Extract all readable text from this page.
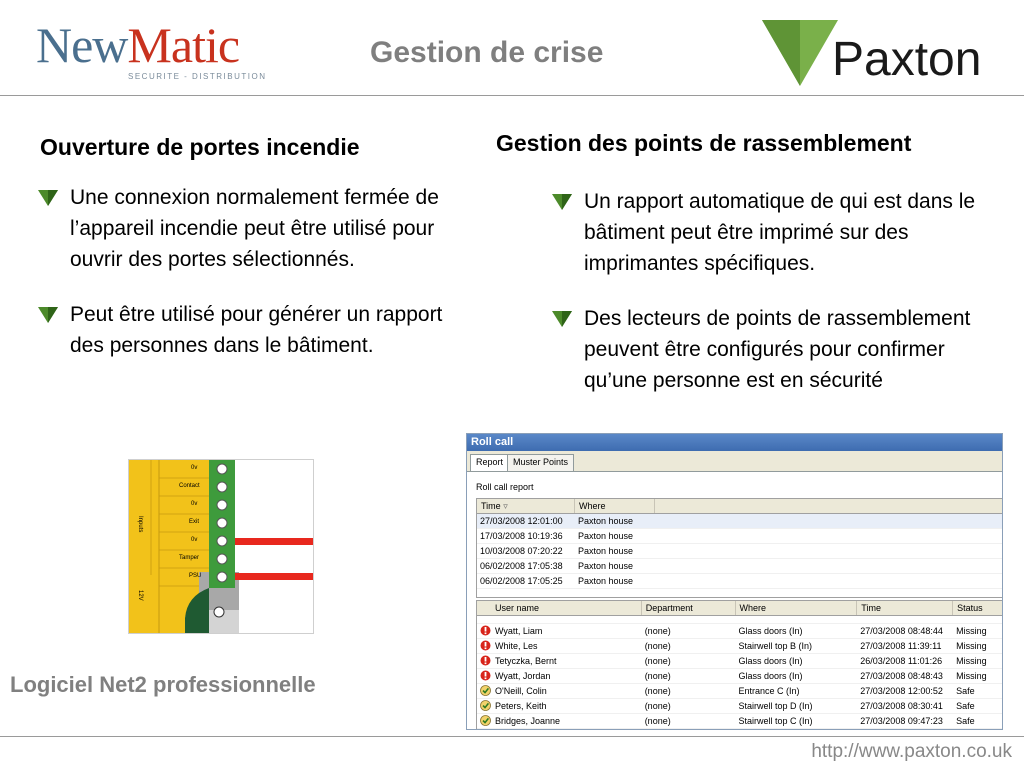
NewMatic
SECURITE - DISTRIBUTION
Gestion de crise	Paxton
Ouverture de portes incendie
Une connexion normalement fermée de l’appareil incendie peut être utilisé pour ouvrir des portes sélectionnés.
Peut être utilisé pour générer un rapport des personnes dans le bâtiment.
0v
Contact
0v
Exit
0v
Tamper
PSU
Inputs
12V
Gestion des points de rassemblement
Un rapport automatique de qui est dans le bâtiment peut être imprimé sur des imprimantes spécifiques.
Des lecteurs de points de rassemblement peuvent être configurés pour confirmer qu’une personne est en sécurité
Roll call
Report	Muster Points
Roll call report
Time ▿	Where
27/03/2008 12:01:00	Paxton house
17/03/2008 10:19:36	Paxton house
10/03/2008 07:20:22	Paxton house
06/02/2008 17:05:38	Paxton house
06/02/2008 17:05:25	Paxton house
User name	Department	Where	Time	Status
Wyatt, Liam	(none)	Glass doors (In)	27/03/2008 08:48:44	Missing
White, Les	(none)	Stairwell top B (In)	27/03/2008 11:39:11	Missing
Tetyczka, Bernt	(none)	Glass doors (In)	26/03/2008 11:01:26	Missing
Wyatt, Jordan	(none)	Glass doors (In)	27/03/2008 08:48:43	Missing
O'Neill, Colin	(none)	Entrance C (In)	27/03/2008 12:00:52	Safe
Peters, Keith	(none)	Stairwell top D (In)	27/03/2008 08:30:41	Safe
Bridges, Joanne	(none)	Stairwell top C (In)	27/03/2008 09:47:23	Safe
Logiciel Net2 professionnelle
http://www.paxton.co.uk
